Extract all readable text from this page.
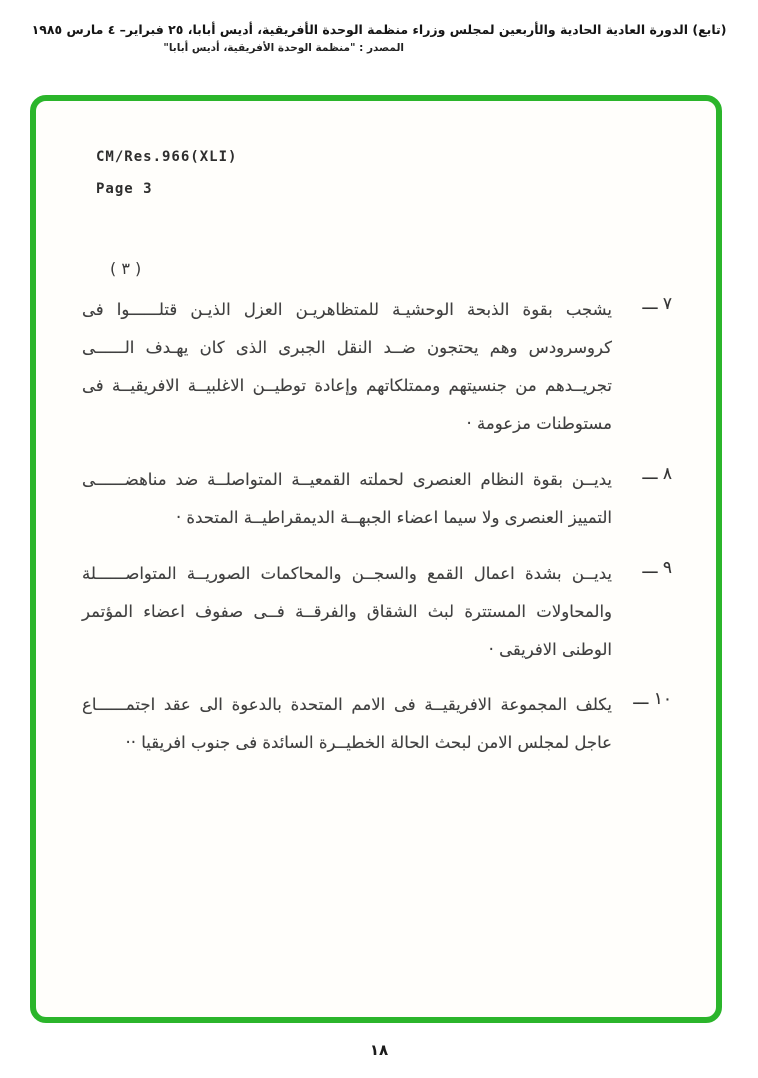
(تابع) الدورة العادية الحادية والأربعين لمجلس وزراء منظمة الوحدة الأفريقية، أديس أبابا، ٢٥ فبراير– ٤ مارس ١٩٨٥
المصدر : "منظمة الوحدة الأفريقية، أديس أبابا"
CM/Res.966(XLI)
Page 3
( ٣ )
٧ ـــ
يشجب بقوة الذبحة الوحشيـة للمتظاهريـن العزل الذيـن قتلــــــوا فى كروسرودس وهم يحتجون ضــد النقل الجبرى الذى كان يهـدف الــــــى تجريــدهم من جنسيتهم وممتلكاتهم وإعادة توطيــن الاغلبيــة الافريقيــة فى مستوطنات مزعومة ·
٨ ـــ
يديــن بقوة النظام العنصرى لحملته القمعيــة المتواصلــة ضد مناهضــــــى التمييز العنصرى ولا سيما اعضاء الجبهــة الديمقراطيــة المتحدة ·
٩ ـــ
يديــن بشدة اعمال القمع والسجــن والمحاكمات الصوريــة المتواصــــــلة والمحاولات المستترة لبث الشقاق والفرقــة فــى صفوف اعضاء المؤتمر الوطنى الافريقى ·
١٠ ـــ
يكلف المجموعة الافريقيــة فى الامم المتحدة بالدعوة الى عقد اجتمــــــاع عاجل لمجلس الامن لبحث الحالة الخطيــرة السائدة فى جنوب افريقيا ··
١٨
